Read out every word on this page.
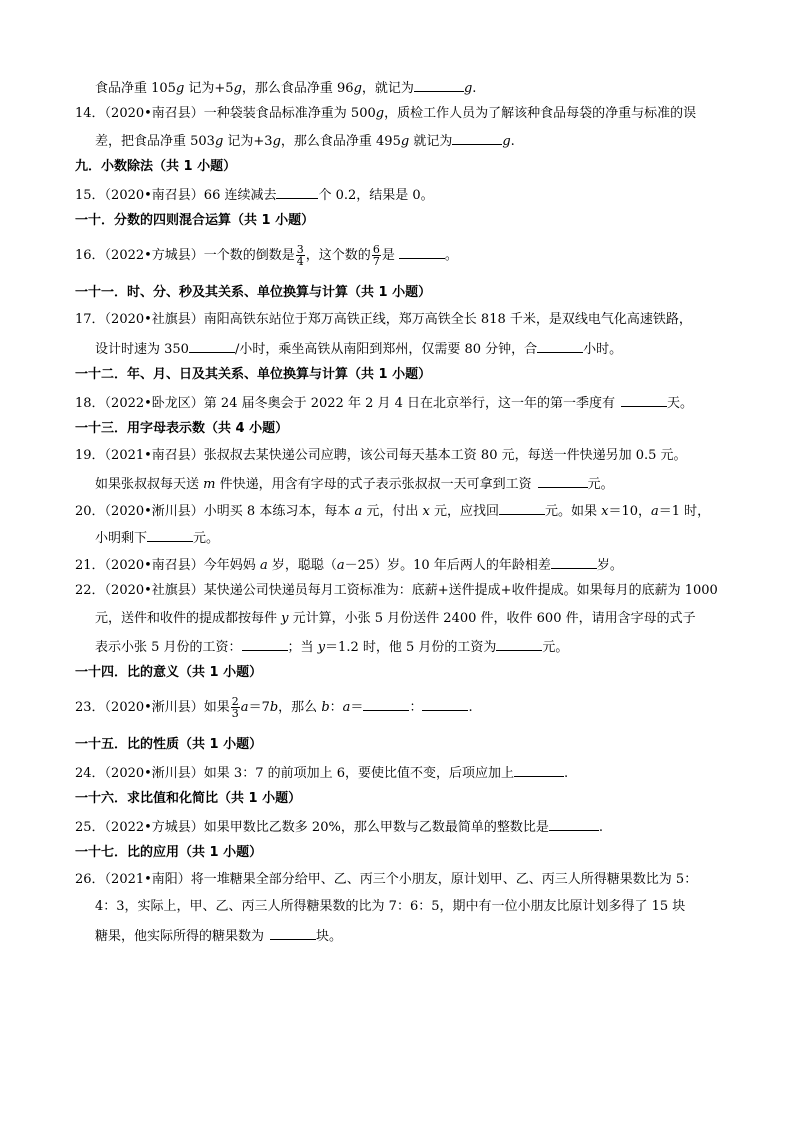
食品净重 105g 记为+5g，那么食品净重 96g，就记为	g.
14．（2020•南召县）一种袋装食品标准净重为 500g，质检工作人员为了解该种食品每袋的净重与标准的误
差，把食品净重 503g 记为+3g，那么食品净重 495g 就记为	g.
九．小数除法（共 1 小题）
15．（2020•南召县）66 连续减去	个 0.2，结果是 0。
一十．分数的四则混合运算（共 1 小题）
16．（2022•方城县）一个数的倒数是 $\frac{3}{4}$ ，这个数的 $\frac{6}{7}$ 是	。
一十一．时、分、秒及其关系、单位换算与计算（共 1 小题）
17．（2020•社旗县）南阳高铁东站位于郑万高铁正线，郑万高铁全长 818 千米，是双线电气化高速铁路，
设计时速为 350	/小时，乘坐高铁从南阳到郑州，仅需要 80 分钟，合	小时。
一十二．年、月、日及其关系、单位换算与计算（共 1 小题）
18．（2022•卧龙区）第 24 届冬奥会于 2022 年 2 月 4 日在北京举行，这一年的第一季度有	天。
一十三．用字母表示数（共 4 小题）
19．（2021•南召县）张叔叔去某快递公司应聘，该公司每天基本工资 80 元，每送一件快递另加 0.5 元。
如果张叔叔每天送 m 件快递，用含有字母的式子表示张叔叔一天可拿到工资	元。
20．（2020•淅川县）小明买 8 本练习本，每本 a 元，付出 x 元，应找回	元。如果 x＝10，a＝1 时，
小明剩下	元。
21．（2020•南召县）今年妈妈 a 岁，聪聪（a－25）岁。10 年后两人的年龄相差	岁。
22．（2020•社旗县）某快递公司快递员每月工资标准为：底薪+送件提成+收件提成。如果每月的底薪为 1000
元，送件和收件的提成都按每件 y 元计算，小张 5 月份送件 2400 件，收件 600 件，请用含字母的式子
表示小张 5 月份的工资：	；当 y＝1.2 时，他 5 月份的工资为	元。
一十四．比的意义（共 1 小题）
23．（2020•淅川县）如果 $\frac{2}{3} a=7b$，那么 b：a＝	：	.
一十五．比的性质（共 1 小题）
24．（2020•淅川县）如果 3：7 的前项加上 6，要使比值不变，后项应加上	.
一十六．求比值和化简比（共 1 小题）
25．（2022•方城县）如果甲数比乙数多 20%，那么甲数与乙数最简单的整数比是	.
一十七．比的应用（共 1 小题）
26．（2021•南阳）将一堆糖果全部分给甲、乙、丙三个小朋友，原计划甲、乙、丙三人所得糖果数比为 5：
4：3，实际上，甲、乙、丙三人所得糖果数的比为 7：6：5，期中有一位小朋友比原计划多得了 15 块
糖果，他实际所得的糖果数为	块。
